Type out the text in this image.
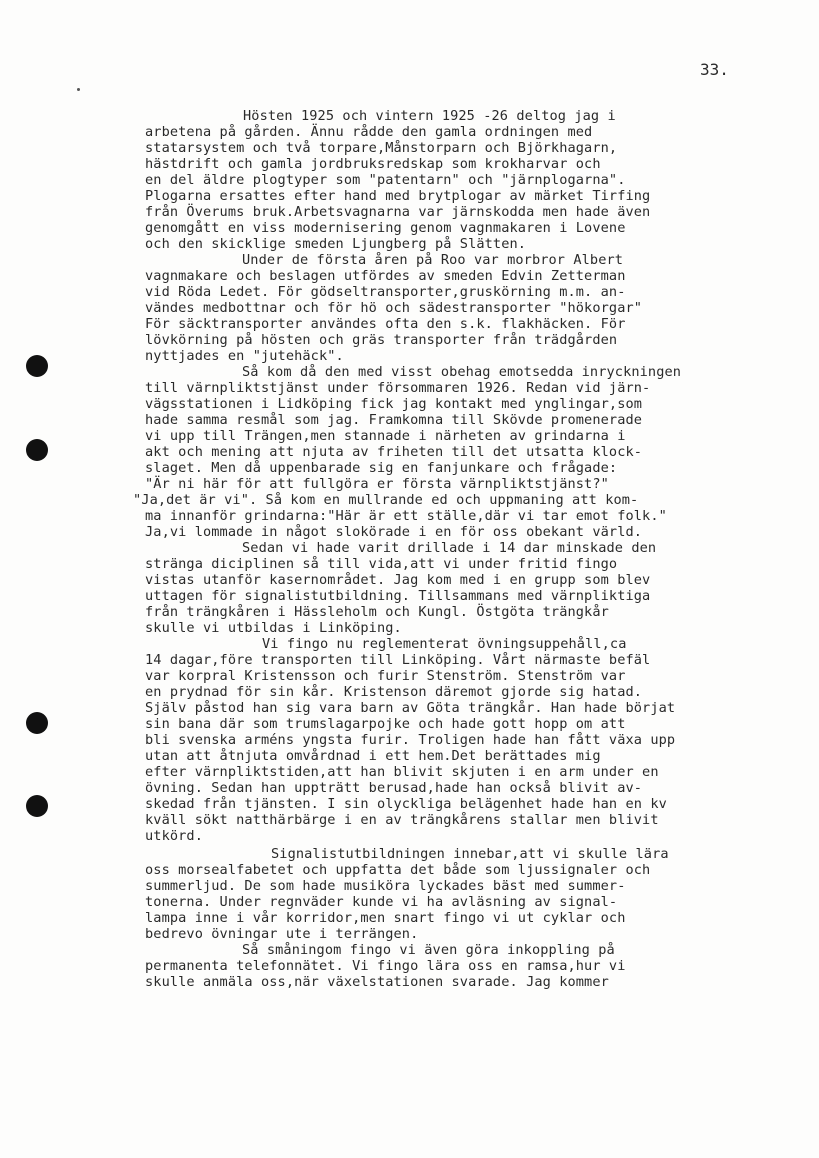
33.
Hösten 1925 och vintern 1925 -26 deltog jag i
arbetena på gården. Ännu rådde den gamla ordningen med
statarsystem och två torpare,Månstorparn och Björkhagarn,
hästdrift och gamla jordbruksredskap som krokharvar och
en del äldre plogtyper som "patentarn" och "järnplogarna".
Plogarna ersattes efter hand med brytplogar av märket Tirfing
från Överums bruk.Arbetsvagnarna var järnskodda men hade även
genomgått en viss modernisering genom vagnmakaren i Lovene
och den skicklige smeden Ljungberg på Slätten.
Under de första åren på Roo var morbror Albert
vagnmakare och beslagen utfördes av smeden Edvin Zetterman
vid Röda Ledet. För gödseltransporter,gruskörning m.m. an-
vändes medbottnar och för hö och sädestransporter "hökorgar"
För säcktransporter användes ofta den s.k. flakhäcken. För
lövkörning på hösten och gräs transporter från trädgården
nyttjades en "jutehäck".
Så kom då den med visst obehag emotsedda inryckningen
till värnpliktstjänst under försommaren 1926. Redan vid järn-
vägsstationen i Lidköping fick jag kontakt med ynglingar,som
hade samma resmål som jag. Framkomna till Skövde promenerade
vi upp till Trängen,men stannade i närheten av grindarna i
akt och mening att njuta av friheten till det utsatta klock-
slaget. Men då uppenbarade sig en fanjunkare och frågade:
"Är ni här för att fullgöra er första värnpliktstjänst?"
"Ja,det är vi". Så kom en mullrande ed och uppmaning att kom-
ma innanför grindarna:"Här är ett ställe,där vi tar emot folk."
Ja,vi lommade in något slokörade i en för oss obekant värld.
Sedan vi hade varit drillade i 14 dar minskade den
stränga diciplinen så till vida,att vi under fritid fingo
vistas utanför kasernområdet. Jag kom med i en grupp som blev
uttagen för signalistutbildning. Tillsammans med värnpliktiga
från trängkåren i Hässleholm och Kungl. Östgöta trängkår
skulle vi utbildas i Linköping.
Vi fingo nu reglementerat övningsuppehåll,ca
14 dagar,före transporten till Linköping. Vårt närmaste befäl
var korpral Kristensson och furir Stenström. Stenström var
en prydnad för sin kår. Kristenson däremot gjorde sig hatad.
Själv påstod han sig vara barn av Göta trängkår. Han hade börjat
sin bana där som trumslagarpojke och hade gott hopp om att
bli svenska arméns yngsta furir. Troligen hade han fått växa upp
utan att åtnjuta omvårdnad i ett hem.Det berättades mig
efter värnpliktstiden,att han blivit skjuten i en arm under en
övning. Sedan han uppträtt berusad,hade han också blivit av-
skedad från tjänsten. I sin olyckliga belägenhet hade han en kv
kväll sökt natthärbärge i en av trängkårens stallar men blivit
utkörd.
Signalistutbildningen innebar,att vi skulle lära
oss morsealfabetet och uppfatta det både som ljussignaler och
summerljud. De som hade musiköra lyckades bäst med summer-
tonerna. Under regnväder kunde vi ha avläsning av signal-
lampa inne i vår korridor,men snart fingo vi ut cyklar och
bedrevo övningar ute i terrängen.
Så småningom fingo vi även göra inkoppling på
permanenta telefonnätet. Vi fingo lära oss en ramsa,hur vi
skulle anmäla oss,när växelstationen svarade. Jag kommer
